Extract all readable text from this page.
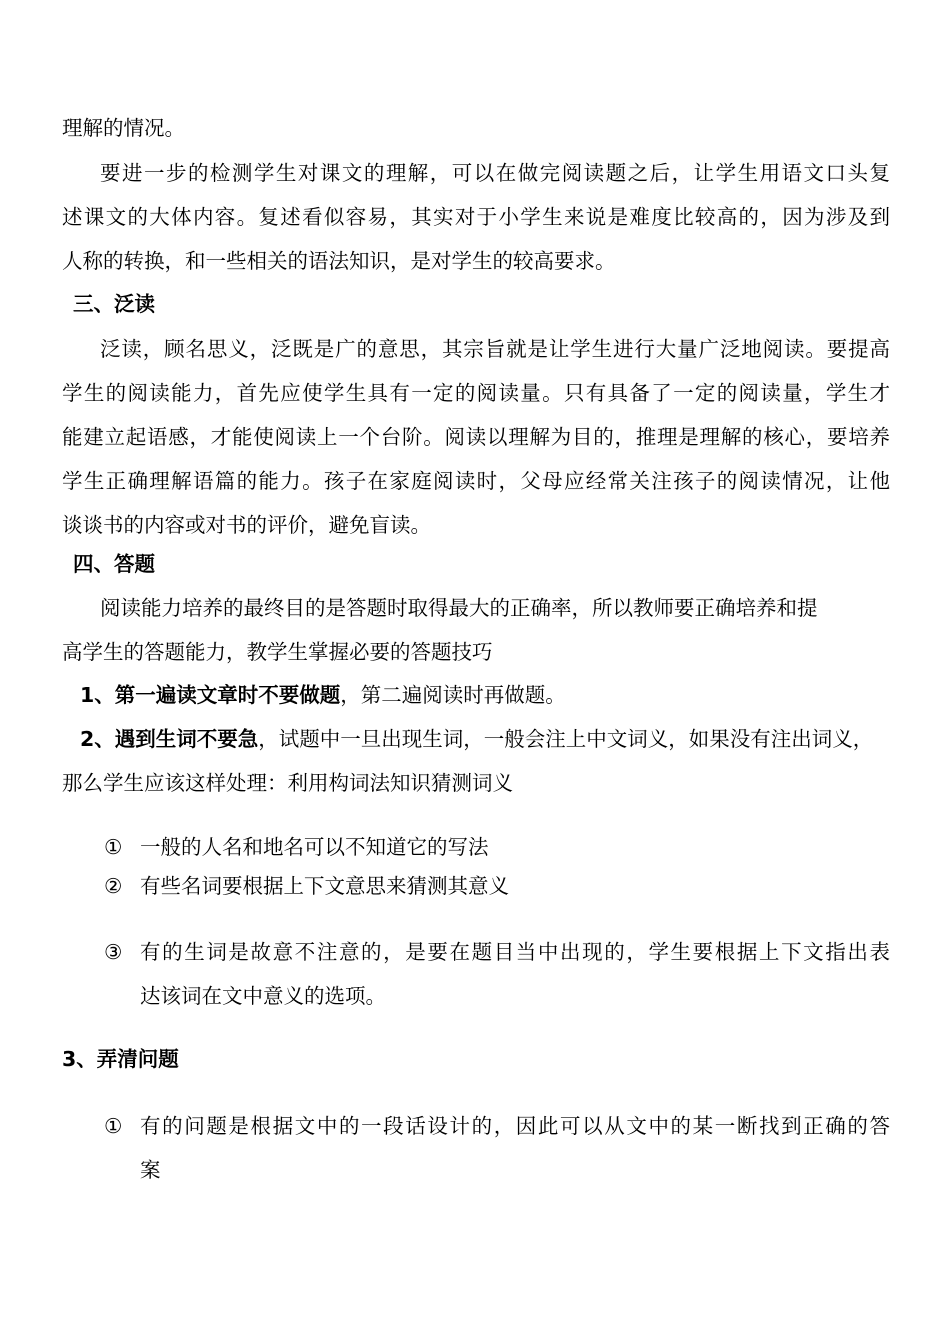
理解的情况。
要进一步的检测学生对课文的理解，可以在做完阅读题之后，让学生用语文口头复
述课文的大体内容。复述看似容易，其实对于小学生来说是难度比较高的，因为涉及到
人称的转换，和一些相关的语法知识，是对学生的较高要求。
三、泛读
泛读，顾名思义，泛既是广的意思，其宗旨就是让学生进行大量广泛地阅读。要提高
学生的阅读能力，首先应使学生具有一定的阅读量。只有具备了一定的阅读量，学生才
能建立起语感，才能使阅读上一个台阶。阅读以理解为目的，推理是理解的核心，要培养
学生正确理解语篇的能力。孩子在家庭阅读时，父母应经常关注孩子的阅读情况，让他
谈谈书的内容或对书的评价，避免盲读。
四、答题
阅读能力培养的最终目的是答题时取得最大的正确率，所以教师要正确培养和提
高学生的答题能力，教学生掌握必要的答题技巧
1、第一遍读文章时不要做题，第二遍阅读时再做题。
2、遇到生词不要急，试题中一旦出现生词，一般会注上中文词义，如果没有注出词义，
那么学生应该这样处理：利用构词法知识猜测词义
① 一般的人名和地名可以不知道它的写法
② 有些名词要根据上下文意思来猜测其意义
③ 有的生词是故意不注意的，是要在题目当中出现的，学生要根据上下文指出表
达该词在文中意义的选项。
3、弄清问题
① 有的问题是根据文中的一段话设计的，因此可以从文中的某一断找到正确的答
案
